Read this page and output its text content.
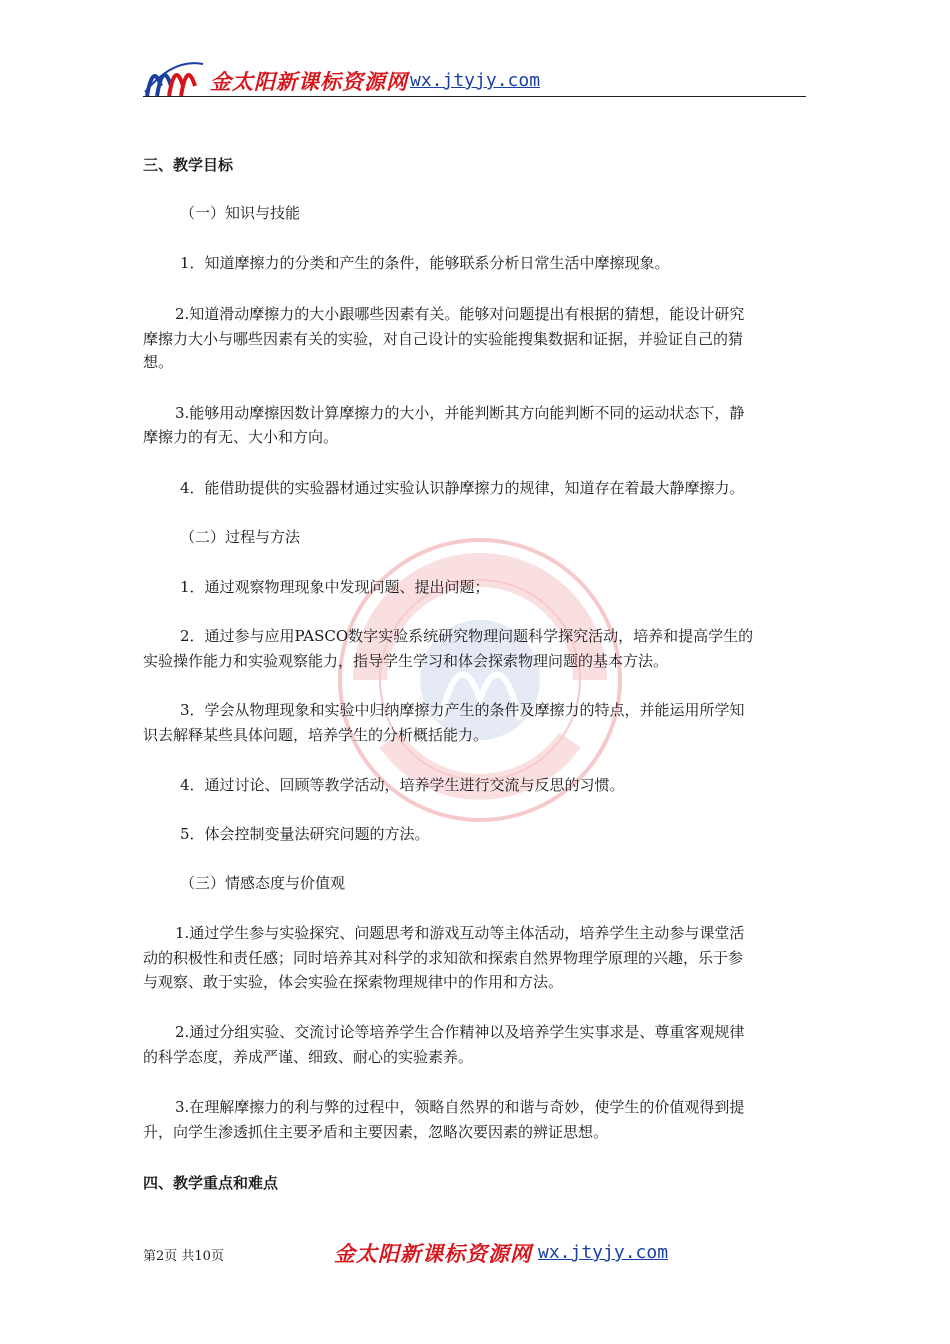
金太阳新课标资源网 wx.jtyjy.com
三、教学目标
（一）知识与技能
1．知道摩擦力的分类和产生的条件，能够联系分析日常生活中摩擦现象。
2.知道滑动摩擦力的大小跟哪些因素有关。能够对问题提出有根据的猜想，能设计研究
摩擦力大小与哪些因素有关的实验，对自己设计的实验能搜集数据和证据，并验证自己的猜
想。
3.能够用动摩擦因数计算摩擦力的大小，并能判断其方向能判断不同的运动状态下，静
摩擦力的有无、大小和方向。
4．能借助提供的实验器材通过实验认识静摩擦力的规律，知道存在着最大静摩擦力。
（二）过程与方法
1．通过观察物理现象中发现问题、提出问题；
2．通过参与应用PASCO数字实验系统研究物理问题科学探究活动，培养和提高学生的
实验操作能力和实验观察能力，指导学生学习和体会探索物理问题的基本方法。
3．学会从物理现象和实验中归纳摩擦力产生的条件及摩擦力的特点，并能运用所学知
识去解释某些具体问题，培养学生的分析概括能力。
4．通过讨论、回顾等教学活动，培养学生进行交流与反思的习惯。
5．体会控制变量法研究问题的方法。
（三）情感态度与价值观
1.通过学生参与实验探究、问题思考和游戏互动等主体活动，培养学生主动参与课堂活
动的积极性和责任感；同时培养其对科学的求知欲和探索自然界物理学原理的兴趣，乐于参
与观察、敢于实验，体会实验在探索物理规律中的作用和方法。
2.通过分组实验、交流讨论等培养学生合作精神以及培养学生实事求是、尊重客观规律
的科学态度，养成严谨、细致、耐心的实验素养。
3.在理解摩擦力的利与弊的过程中，领略自然界的和谐与奇妙，使学生的价值观得到提
升，向学生渗透抓住主要矛盾和主要因素，忽略次要因素的辨证思想。
四、教学重点和难点
第2页 共10页	金太阳新课标资源网 wx.jtyjy.com
